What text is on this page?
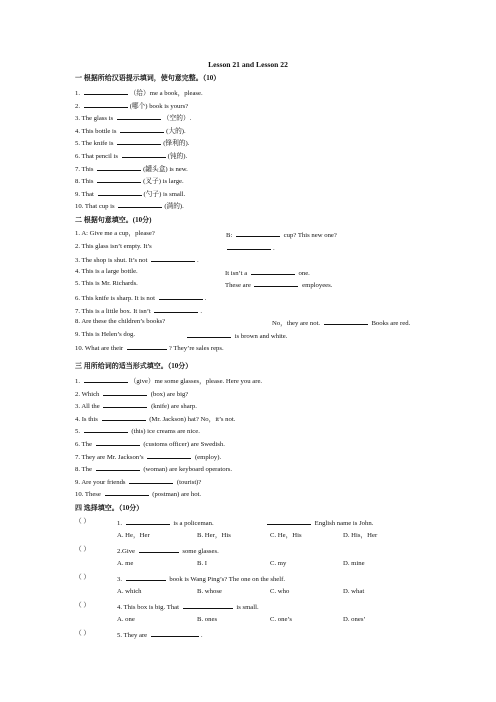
Lesson 21 and Lesson 22
一 根据所给汉语提示填词，使句意完整。（10）
1.	（给）me a book，please.
2.	(哪个) book is yours?
3. The glass is	（空的）.
4. This bottle is	(大的).
5. The knife is	(锋利的).
6. That pencil is	(钝的).
7. This	(罐头盒) is new.
8. This	(叉子) is large.
9. That	(勺子) is small.
10. That cup is	(满的).
二 根据句意填空。(10分)
B:	cup? This new one?
1. A: Give me a cup，please?
.
2. This glass isn’t empty. It’s
3. The shop is shut. It’s not	.
It isn’t a	one.
4. This is a large bottle.
These are	employees.
5. This is Mr. Richards.
6. This knife is sharp. It is not	.
7. This is a little box. It isn’t	.
No，they are not.	Books are red.
8. Are these the children’s books?
is brown and white.
9. This is Helen’s dog.
10. What are their	? They’re sales reps.
三 用所给词的适当形式填空。（10分）
1.	（give）me some glasses，please. Here you are.
2. Which	(box) are big?
3. All the	(knife) are sharp.
4. Is this	(Mr. Jackson) hat? No，it’s not.
5.	(this) ice creams are nice.
6. The	(customs officer) are Swedish.
7. They are Mr. Jackson’s	(employ).
8. The	(woman) are keyboard operators.
9. Are your friends	(tourist)?
10. These	(postman) are hot.
四 选择填空。（10分）
（ ）	1.	is a policeman.	English name is John.
A. He，Her	B. Her，His	C. He，His	D. His，Her
（ ）	2.Give	some glasses.
A. me	B. I	C. my	D. mine
（ ）	3.	book is Wang Ping’s? The one on the shelf.
A. which	B. whose	C. who	D. what
（ ）	4. This box is big. That	is small.
A. one	B. ones	C. one’s	D. ones’
（ ）	5. They are	.
